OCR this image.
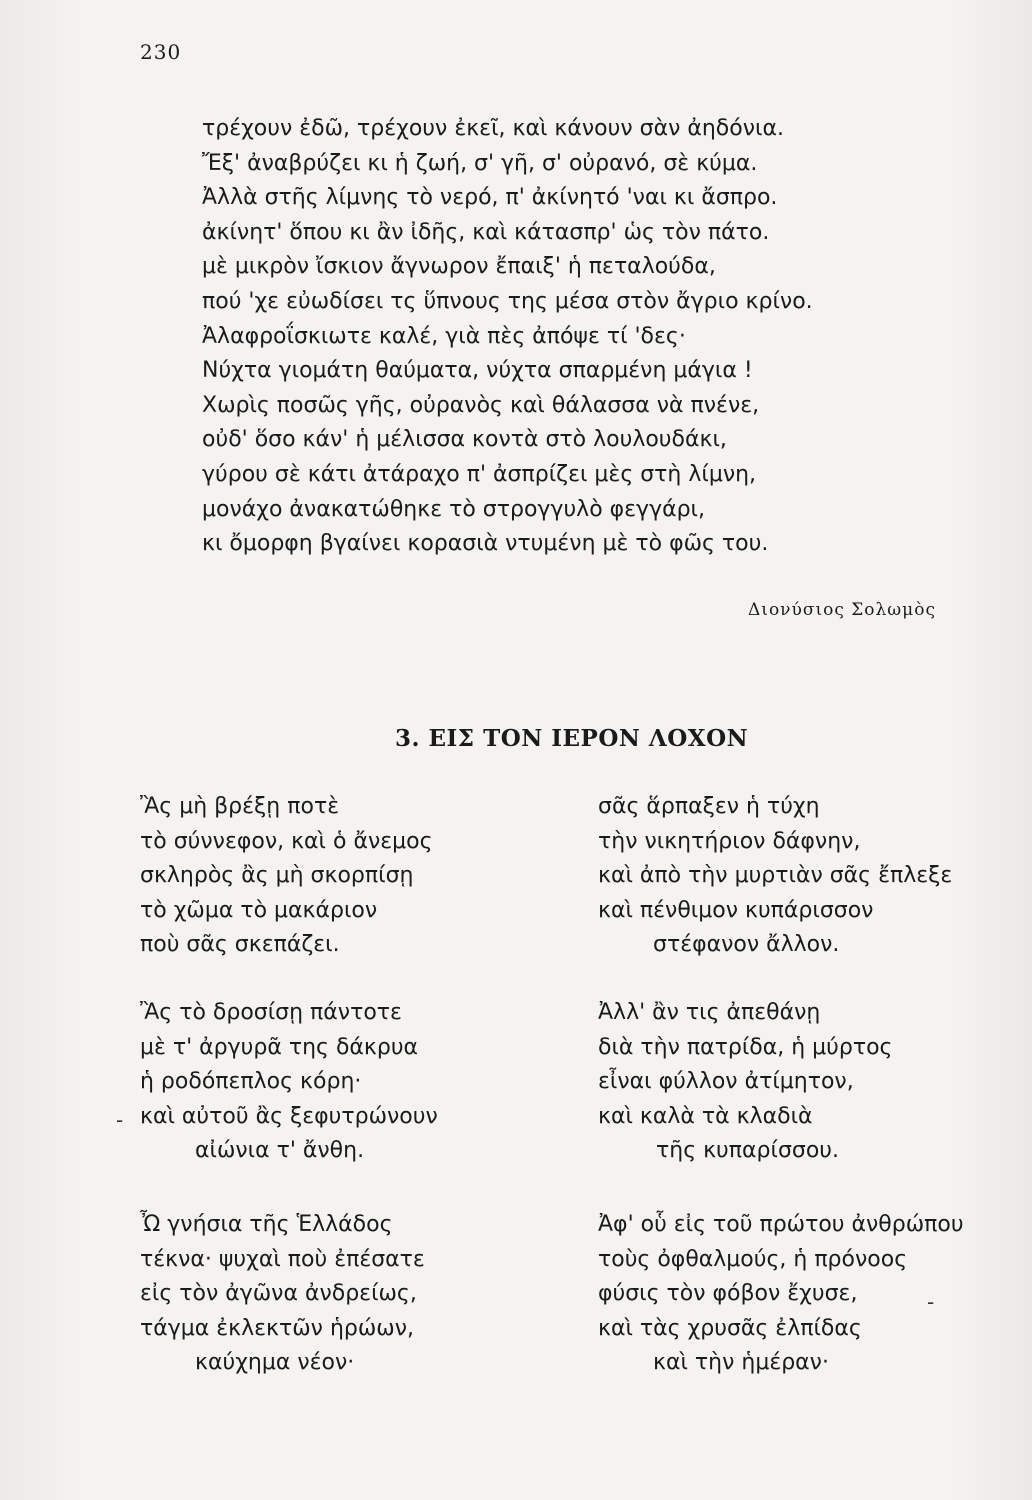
230
τρέχουν ἐδῶ, τρέχουν ἐκεῖ, καὶ κάνουν σὰν ἀηδόνια.
Ἔξ' ἀναβρύζει κι ἡ ζωή, σ' γῆ, σ' οὐρανό, σὲ κύμα.
Ἀλλὰ στῆς λίμνης τὸ νερό, π' ἀκίνητό 'ναι κι ἄσπρο.
ἀκίνητ' ὅπου κι ἂν ἰδῆς, καὶ κάτασπρ' ὡς τὸν πάτο.
μὲ μικρὸν ἴσκιον ἄγνωρον ἔπαιξ' ἡ πεταλούδα,
πού 'χε εὐωδίσει τς ὕπνους της μέσα στὸν ἄγριο κρίνο.
Ἀλαφροΐσκιωτε καλέ, γιὰ πὲς ἀπόψε τί 'δες·
Νύχτα γιομάτη θαύματα, νύχτα σπαρμένη μάγια !
Χωρὶς ποσῶς γῆς, οὐρανὸς καὶ θάλασσα νὰ πνένε,
οὐδ' ὅσο κάν' ἡ μέλισσα κοντὰ στὸ λουλουδάκι,
γύρου σὲ κάτι ἀτάραχο π' ἀσπρίζει μὲς στὴ λίμνη,
μονάχο ἀνακατώθηκε τὸ στρογγυλὸ φεγγάρι,
κι ὄμορφη βγαίνει κορασιὰ ντυμένη μὲ τὸ φῶς του.
Διονύσιος Σολωμὸς
3. ΕΙΣ ΤΟΝ ΙΕΡΟΝ ΛΟΧΟΝ
Ἂς μὴ βρέξῃ ποτὲ
τὸ σύννεφον, καὶ ὁ ἄνεμος
σκληρὸς ἂς μὴ σκορπίσῃ
τὸ χῶμα τὸ μακάριον
ποὺ σᾶς σκεπάζει.
Ἂς τὸ δροσίσῃ πάντοτε
μὲ τ' ἀργυρᾶ της δάκρυα
ἡ ροδόπεπλος κόρη·
καὶ αὐτοῦ ἂς ξεφυτρώνουν
αἰώνια τ' ἄνθη.
Ὦ γνήσια τῆς Ἑλλάδος
τέκνα· ψυχαὶ ποὺ ἐπέσατε
εἰς τὸν ἀγῶνα ἀνδρείως,
τάγμα ἐκλεκτῶν ἡρώων,
καύχημα νέον·
σᾶς ἅρπαξεν ἡ τύχη
τὴν νικητήριον δάφνην,
καὶ ἀπὸ τὴν μυρτιὰν σᾶς ἔπλεξε
καὶ πένθιμον κυπάρισσον
στέφανον ἄλλον.
Ἀλλ' ἂν τις ἀπεθάνῃ
διὰ τὴν πατρίδα, ἡ μύρτος
εἶναι φύλλον ἀτίμητον,
καὶ καλὰ τὰ κλαδιὰ
τῆς κυπαρίσσου.
Ἀφ' οὗ εἰς τοῦ πρώτου ἀνθρώπου
τοὺς ὀφθαλμούς, ἡ πρόνοος
φύσις τὸν φόβον ἔχυσε,
καὶ τὰς χρυσᾶς ἐλπίδας
καὶ τὴν ἡμέραν·
-
-
